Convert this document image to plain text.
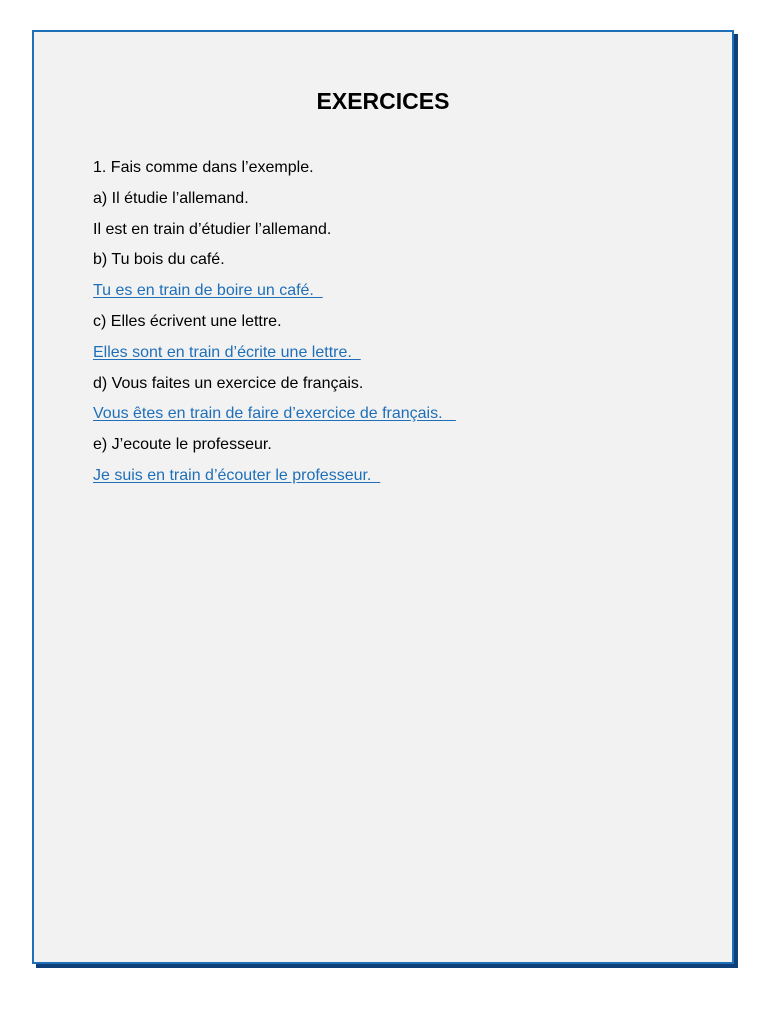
EXERCICES
1. Fais comme dans l’exemple.
a) Il étudie l’allemand.
Il est en train d’étudier l’allemand.
b) Tu bois du café.
Tu es en train de boire un café.
c) Elles écrivent une lettre.
Elles sont en train d’écrite une lettre.
d) Vous faites un exercice de français.
Vous êtes en train de faire d’exercice de français.
e) J’ecoute le professeur.
Je suis en train d’écouter le professeur.
